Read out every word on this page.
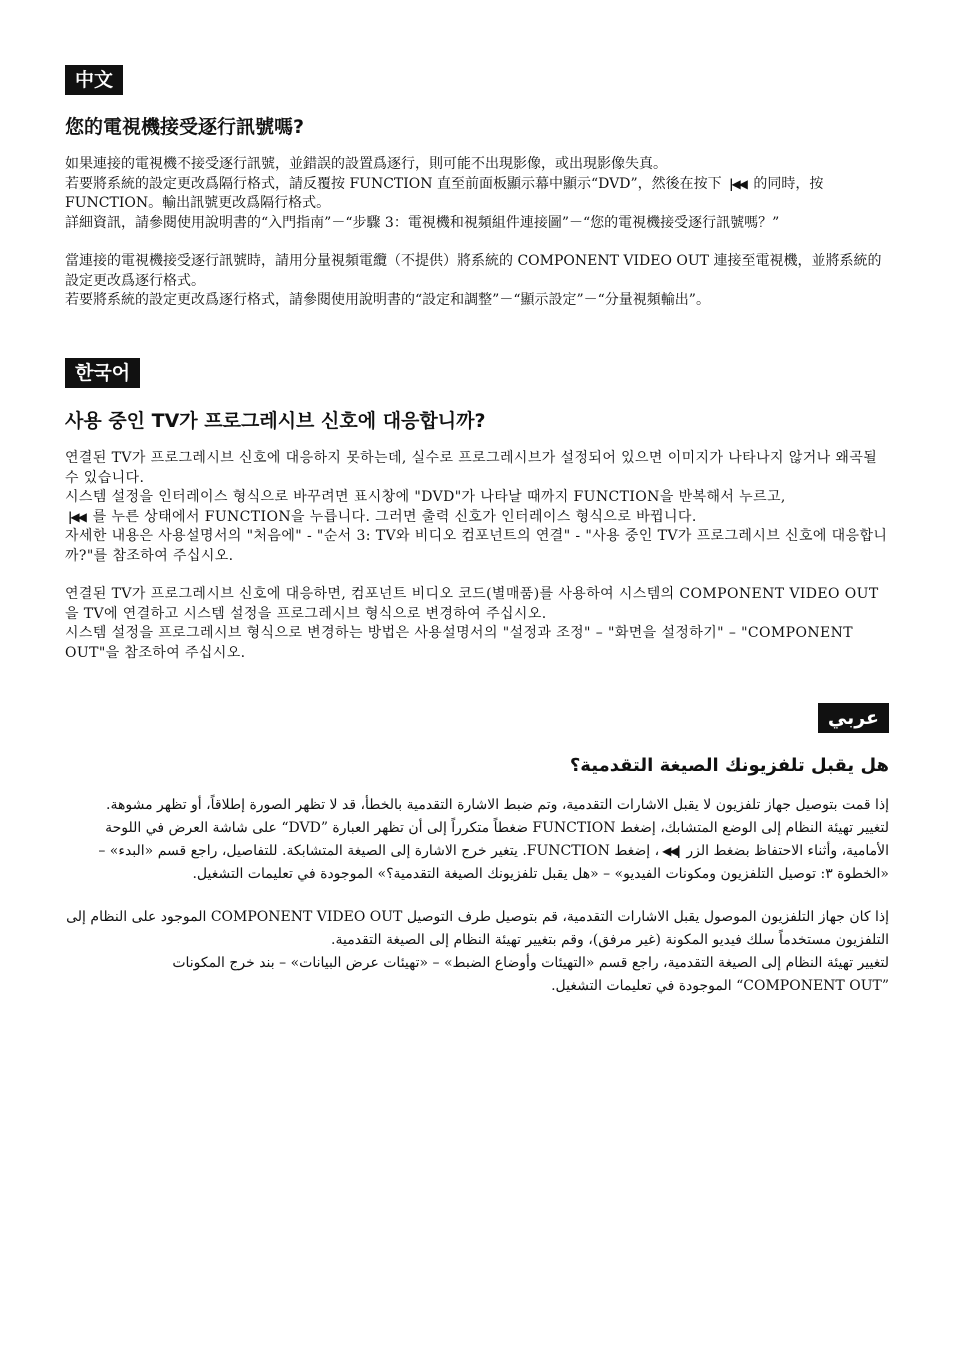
中文
您的電視機接受逐行訊號嗎?

如果連接的電視機不接受逐行訊號，並錯誤的設置爲逐行，則可能不出現影像，或出現影像失真。

若要將系統的設定更改爲隔行格式，請反覆按 FUNCTION 直至前面板顯示幕中顯示“DVD”，然後在按下 |◀◀ 的同時，按 FUNCTION。輸出訊號更改爲隔行格式。

詳細資訊，請參閱使用說明書的“入門指南”－“步驟 3：電視機和視頻組件連接圖”－“您的電視機接受逐行訊號嗎？”

當連接的電視機接受逐行訊號時，請用分量視頻電纜（不提供）將系統的 COMPONENT VIDEO OUT 連接至電視機，並將系統的設定更改爲逐行格式。

若要將系統的設定更改爲逐行格式，請參閱使用說明書的“設定和調整”－“顯示設定”－“分量視頻輸出”。

한국어
사용 중인 TV가 프로그레시브 신호에 대응합니까?

연결된 TV가 프로그레시브 신호에 대응하지 못하는데, 실수로 프로그레시브가 설정되어 있으면 이미지가 나타나지 않거나 왜곡될 수 있습니다.

시스템 설정을 인터레이스 형식으로 바꾸려면 표시창에 "DVD"가 나타날 때까지 FUNCTION을 반복해서 누르고,

|◀◀ 를 누른 상태에서 FUNCTION을 누릅니다. 그러면 출력 신호가 인터레이스 형식으로 바뀝니다.

자세한 내용은 사용설명서의 "처음에" - "순서 3: TV와 비디오 컴포넌트의 연결" - "사용 중인 TV가 프로그레시브 신호에 대응합니까?"를 참조하여 주십시오.

연결된 TV가 프로그레시브 신호에 대응하면, 컴포넌트 비디오 코드(별매품)를 사용하여 시스템의 COMPONENT VIDEO OUT을 TV에 연결하고 시스템 설정을 프로그레시브 형식으로 변경하여 주십시오.

시스템 설정을 프로그레시브 형식으로 변경하는 방법은 사용설명서의 "설정과 조정" – "화면을 설정하기" – "COMPONENT OUT"을 참조하여 주십시오.

عربي
هل يقبل تلفزيونك الصيغة التقدمية؟

إذا قمت بتوصيل جهاز تلفزيون لا يقبل الاشارات التقدمية، وتم ضبط الاشارة التقدمية بالخطأ، قد لا تظهر الصورة إطلاقاً، أو تظهر مشوهة.

لتغيير تهيئة النظام إلى الوضع المتشابك، إضغط FUNCTION ضغطاً متكرراً إلى أن تظهر العبارة ”DVD“ على شاشة العرض في اللوحة الأمامية، وأثناء الاحتفاظ بضغط الزر |◀◀، إضغط FUNCTION. يتغير خرج الاشارة إلى الصيغة المتشابكة. للتفاصيل، راجع قسم «البدء» – «الخطوة ٣: توصيل التلفزيون ومكونات الفيديو» – «هل يقبل تلفزيونك الصيغة التقدمية؟» الموجودة في تعليمات التشغيل.

إذا كان جهاز التلفزيون الموصول يقبل الاشارات التقدمية، قم بتوصيل طرف التوصيل COMPONENT VIDEO OUT الموجود على النظام إلى التلفزيون مستخدماً سلك فيديو المكونة (غير مرفق)، وقم بتغيير تهيئة النظام إلى الصيغة التقدمية.

لتغيير تهيئة النظام إلى الصيغة التقدمية، راجع قسم «التهيئات وأوضاع الضبط» – «تهيئات عرض البيانات» – بند خرج المكونات ”COMPONENT OUT“ الموجودة في تعليمات التشغيل.
